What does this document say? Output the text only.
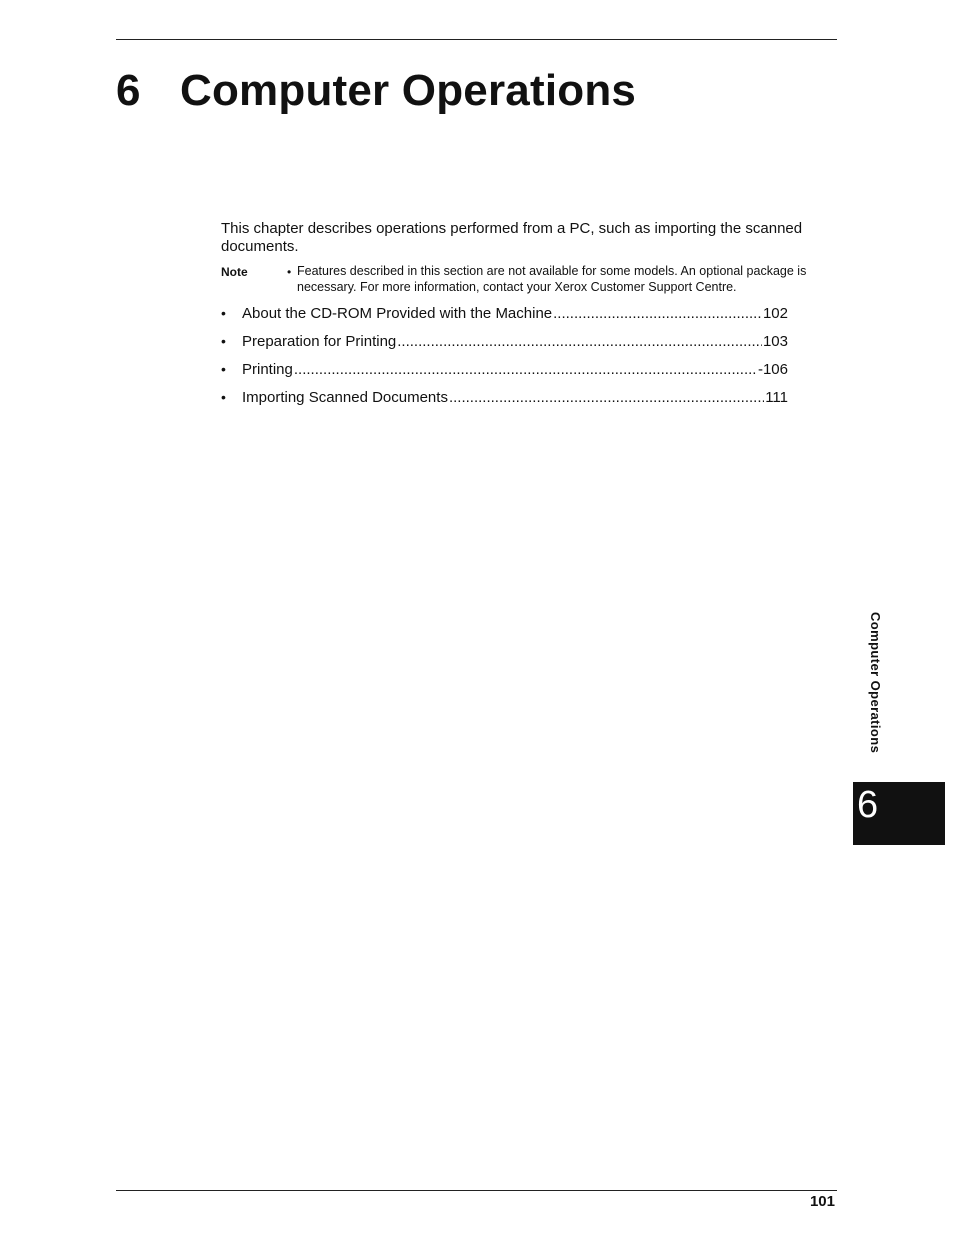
6 Computer Operations

This chapter describes operations performed from a PC, such as importing the scanned documents.

Note	• Features described in this section are not available for some models. An optional package is necessary. For more information, contact your Xerox Customer Support Centre.

• About the CD-ROM Provided with the Machine .....	102
• Preparation for Printing .....	103
• Printing .....	-106
• Importing Scanned Documents .....	111
Computer Operations
6
101
